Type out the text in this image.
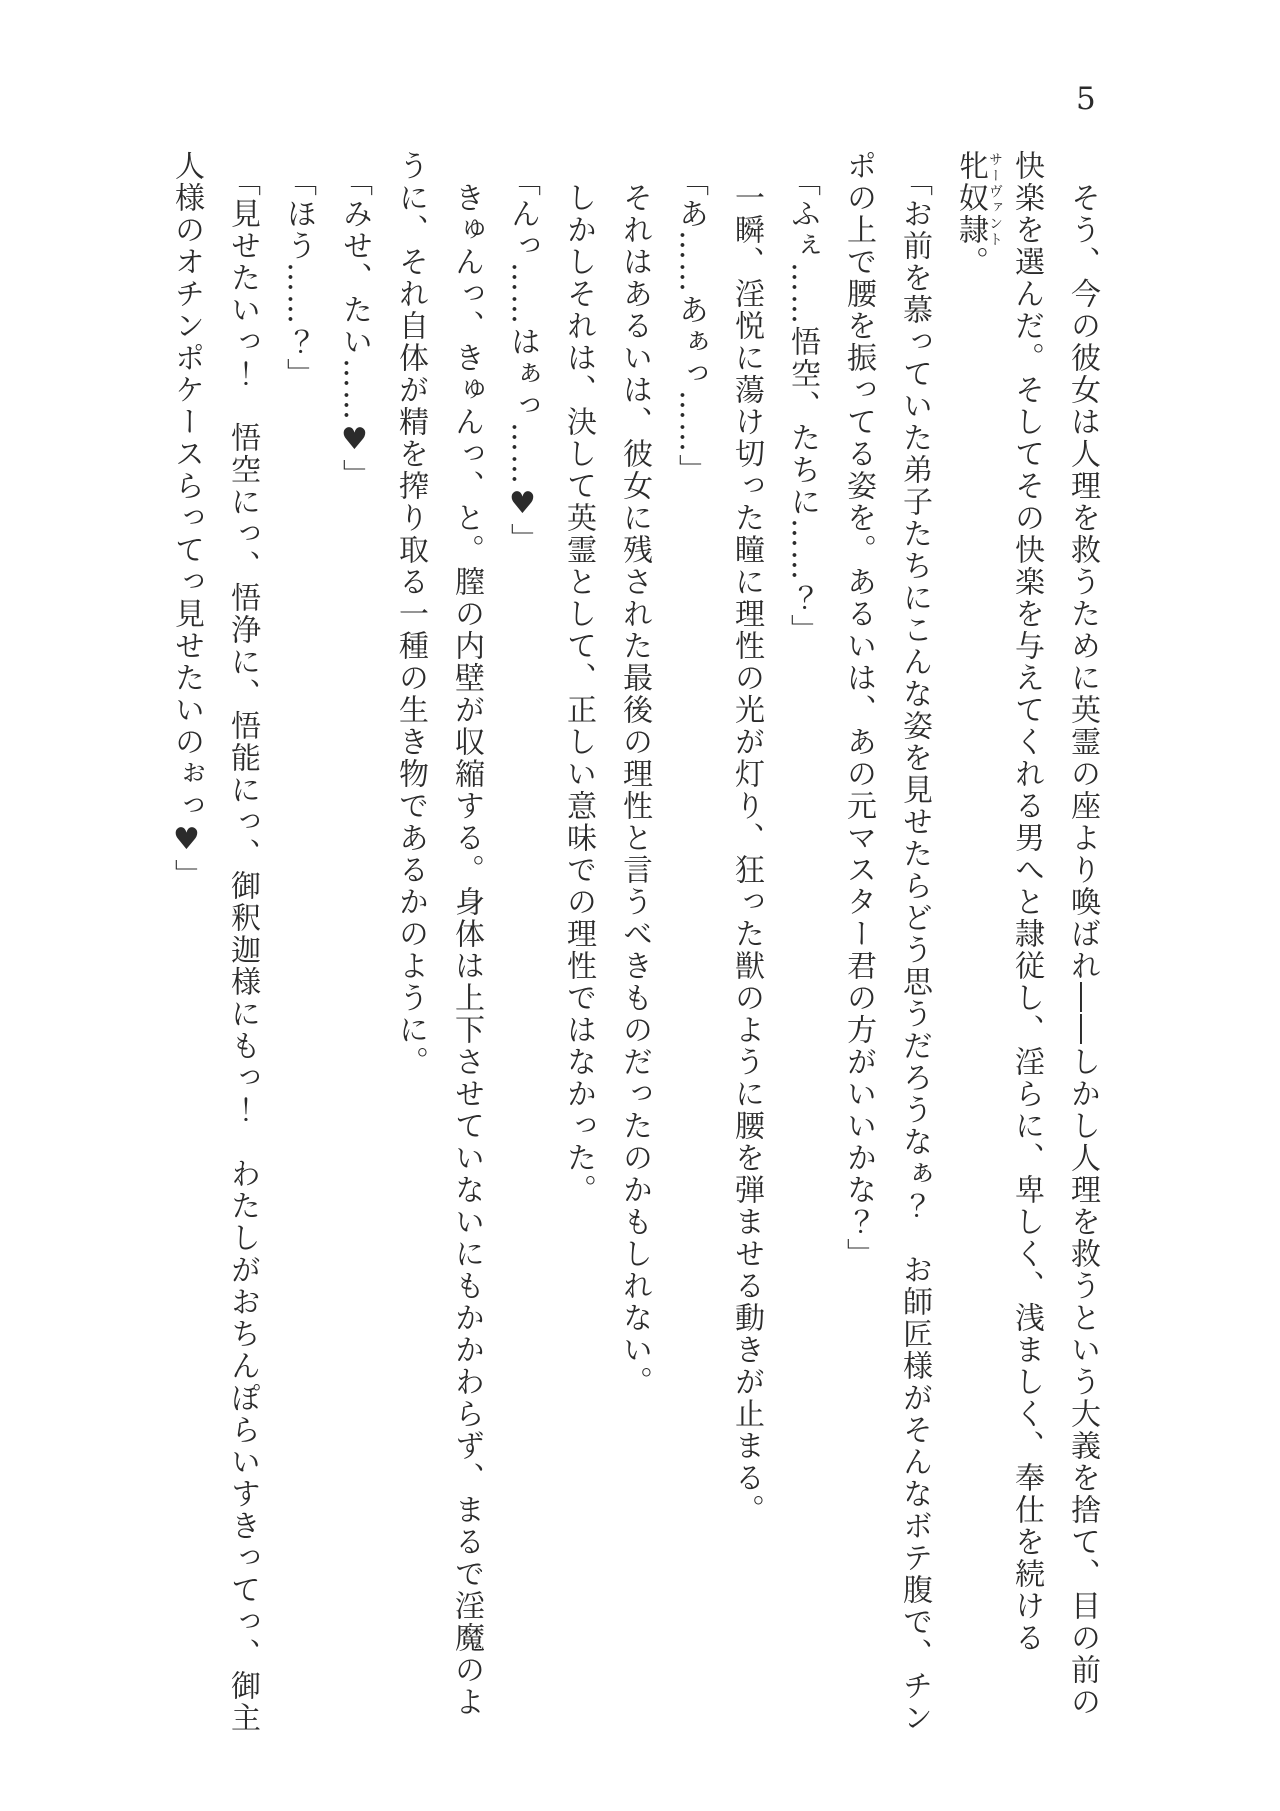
5
サーヴァント	そう、今の彼女は人理を救うために英霊の座より喚ばれ――しかし人理を救うという大義を捨て、目の前の

快楽を選んだ。そしてその快楽を与えてくれる男へと隷従し、淫らに、卑しく、浅ましく、奉仕を続ける

牝奴隷。

「お前を慕っていた弟子たちにこんな姿を見せたらどう思うだろうなぁ？　お師匠様がそんなボテ腹で、チン

ポの上で腰を振ってる姿を。あるいは、あの元マスター君の方がいいかな？」

「ふぇ……悟空、たちに……？」

一瞬、淫悦に蕩け切った瞳に理性の光が灯り、狂った獣のように腰を弾ませる動きが止まる。

「あ……あぁっ……」

それはあるいは、彼女に残された最後の理性と言うべきものだったのかもしれない。

しかしそれは、決して英霊として、正しい意味での理性ではなかった。

「んっ……はぁっ……♥」

きゅんっ、きゅんっ、と。膣の内壁が収縮する。身体は上下させていないにもかかわらず、まるで淫魔のよ

うに、それ自体が精を搾り取る一種の生き物であるかのように。

「みせ、たい……♥」

「ほう……？」

「見せたいっ！　悟空にっ、悟浄に、悟能にっ、御釈迦様にもっ！　わたしがおちんぽらいすきってっ、御主

人様のオチンポケースらってっ見せたいのぉっ♥」
